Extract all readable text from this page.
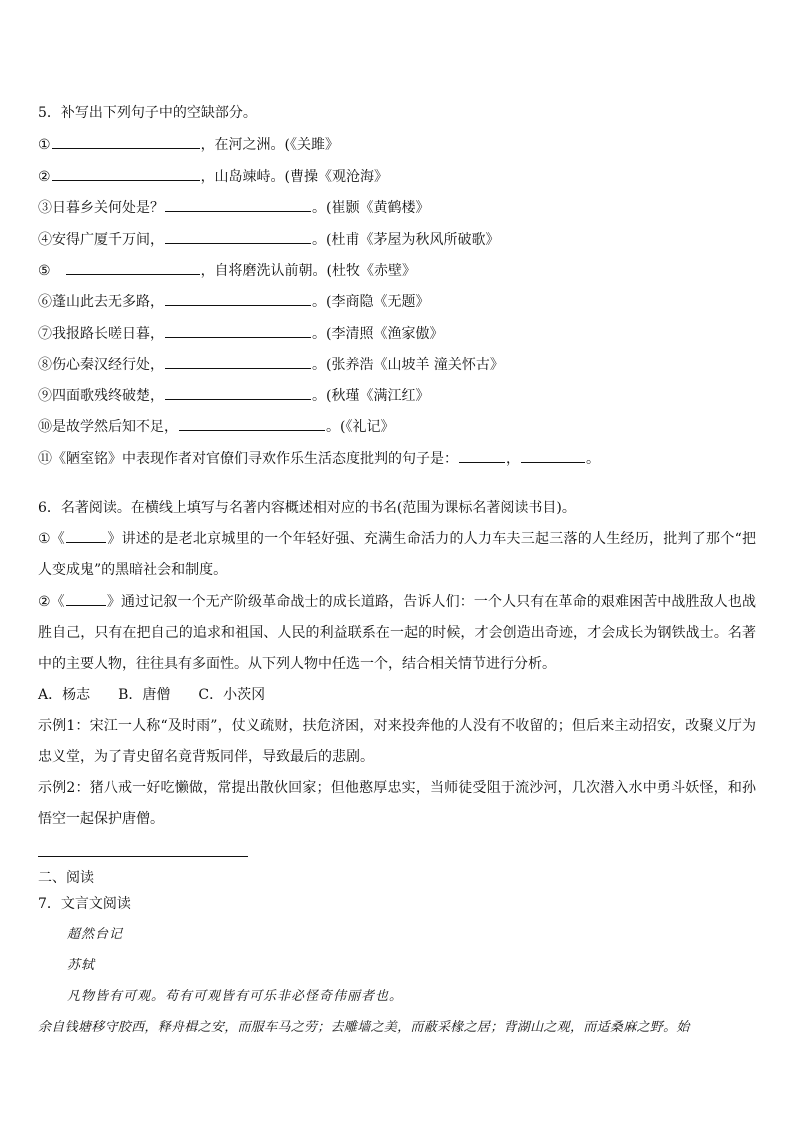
5．补写出下列句子中的空缺部分。
①	，在河之洲。(《关雎》
②	，山岛竦峙。(曹操《观沧海》
③日暮乡关何处是？	。(崔颢《黄鹤楼》
④安得广厦千万间，	。(杜甫《茅屋为秋风所破歌》
⑤　	，自将磨洗认前朝。(杜牧《赤壁》
⑥蓬山此去无多路，	。(李商隐《无题》
⑦我报路长嗟日暮，	。(李清照《渔家傲》
⑧伤心秦汉经行处，	。(张养浩《山坡羊 潼关怀古》
⑨四面歌残终破楚，	。(秋瑾《满江红》
⑩是故学然后知不足，	。(《礼记》
⑪《陋室铭》中表现作者对官僚们寻欢作乐生活态度批判的句子是：	，	。
6．名著阅读。在横线上填写与名著内容概述相对应的书名(范围为课标名著阅读书目)。
①《	》讲述的是老北京城里的一个年轻好强、充满生命活力的人力车夫三起三落的人生经历，批判了那个“把人变成鬼”的黑暗社会和制度。
②《	》通过记叙一个无产阶级革命战士的成长道路，告诉人们：一个人只有在革命的艰难困苦中战胜敌人也战胜自己，只有在把自己的追求和祖国、人民的利益联系在一起的时候，才会创造出奇迹，才会成长为钢铁战士。名著中的主要人物，往往具有多面性。从下列人物中任选一个，结合相关情节进行分析。
A．杨志　　B．唐僧　　C．小茨冈
示例1：宋江一人称“及时雨”，仗义疏财，扶危济困，对来投奔他的人没有不收留的；但后来主动招安，改聚义厅为忠义堂，为了青史留名竟背叛同伴，导致最后的悲剧。
示例2：猪八戒一好吃懒做，常提出散伙回家；但他憨厚忠实，当师徒受阻于流沙河，几次潜入水中勇斗妖怪，和孙悟空一起保护唐僧。
二、阅读
7．文言文阅读
超然台记
苏轼
凡物皆有可观。苟有可观皆有可乐非必怪奇伟丽者也。
余自钱塘移守胶西，释舟楫之安，而服车马之劳；去雕墙之美，而蔽采椽之居；背湖山之观，而适桑麻之野。始
